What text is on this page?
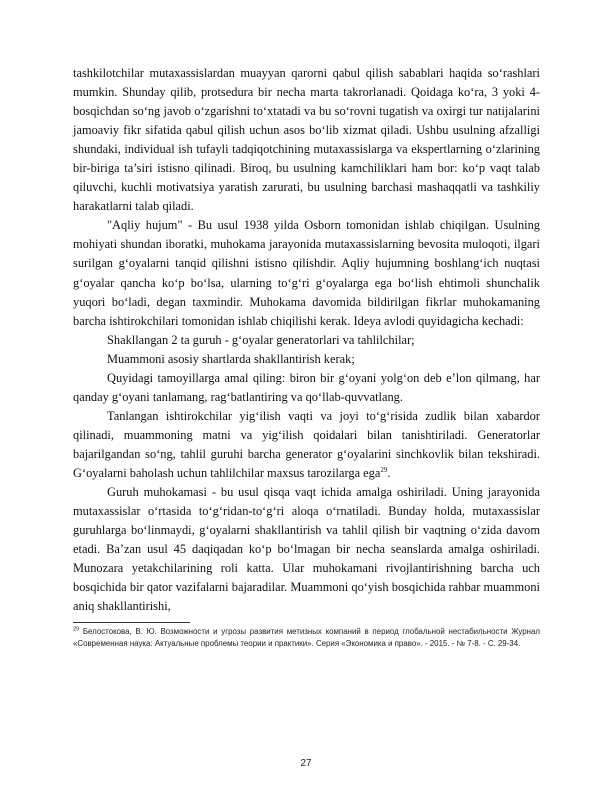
tashkilotchilar mutaxassislardan muayyan qarorni qabul qilish sabablari haqida so‘rashlari mumkin. Shunday qilib, protsedura bir necha marta takrorlanadi. Qoidaga ko‘ra, 3 yoki 4-bosqichdan so‘ng javob o‘zgarishni to‘xtatadi va bu so‘rovni tugatish va oxirgi tur natijalarini jamoaviy fikr sifatida qabul qilish uchun asos bo‘lib xizmat qiladi. Ushbu usulning afzalligi shundaki, individual ish tufayli tadqiqotchining mutaxassislarga va ekspertlarning o‘zlarining bir-biriga ta’siri istisno qilinadi. Biroq, bu usulning kamchiliklari ham bor: ko‘p vaqt talab qiluvchi, kuchli motivatsiya yaratish zarurati, bu usulning barchasi mashaqqatli va tashkiliy harakatlarni talab qiladi.

"Aqliy hujum" - Bu usul 1938 yilda Osborn tomonidan ishlab chiqilgan. Usulning mohiyati shundan iboratki, muhokama jarayonida mutaxassislarning bevosita muloqoti, ilgari surilgan g‘oyalarni tanqid qilishni istisno qilishdir. Aqliy hujumning boshlang‘ich nuqtasi g‘oyalar qancha ko‘p bo‘lsa, ularning to‘g‘ri g‘oyalarga ega bo‘lish ehtimoli shunchalik yuqori bo‘ladi, degan taxmindir. Muhokama davomida bildirilgan fikrlar muhokamaning barcha ishtirokchilari tomonidan ishlab chiqilishi kerak. Ideya avlodi quyidagicha kechadi:

Shakllangan 2 ta guruh - g‘oyalar generatorlari va tahlilchilar;

Muammoni asosiy shartlarda shakllantirish kerak;

Quyidagi tamoyillarga amal qiling: biron bir g‘oyani yolg‘on deb e’lon qilmang, har qanday g‘oyani tanlamang, rag‘batlantiring va qo‘llab-quvvatlang.

Tanlangan ishtirokchilar yig‘ilish vaqti va joyi to‘g‘risida zudlik bilan xabardor qilinadi, muammoning matni va yig‘ilish qoidalari bilan tanishtiriladi. Generatorlar bajarilgandan so‘ng, tahlil guruhi barcha generator g‘oyalarini sinchkovlik bilan tekshiradi. G‘oyalarni baholash uchun tahlilchilar maxsus tarozilarga ega$^{29}$.

Guruh muhokamasi - bu usul qisqa vaqt ichida amalga oshiriladi. Uning jarayonida mutaxassislar o‘rtasida to‘g‘ridan-to‘g‘ri aloqa o‘rnatiladi. Bunday holda, mutaxassislar guruhlarga bo‘linmaydi, g‘oyalarni shakllantirish va tahlil qilish bir vaqtning o‘zida davom etadi. Ba’zan usul 45 daqiqadan ko‘p bo‘lmagan bir necha seanslarda amalga oshiriladi. Munozara yetakchilarining roli katta. Ular muhokamani rivojlantirishning barcha uch bosqichida bir qator vazifalarni bajaradilar. Muammoni qo‘yish bosqichida rahbar muammoni aniq shakllantirishi,

$^{29}$ Белостокова, В. Ю. Возможности и угрозы развития метизных компаний в период глобальной нестабильности Журнал «Современная наука: Актуальные проблемы теории и практики». Серия «Экономика и право». - 2015. - № 7-8. - С. 29-34.

27
